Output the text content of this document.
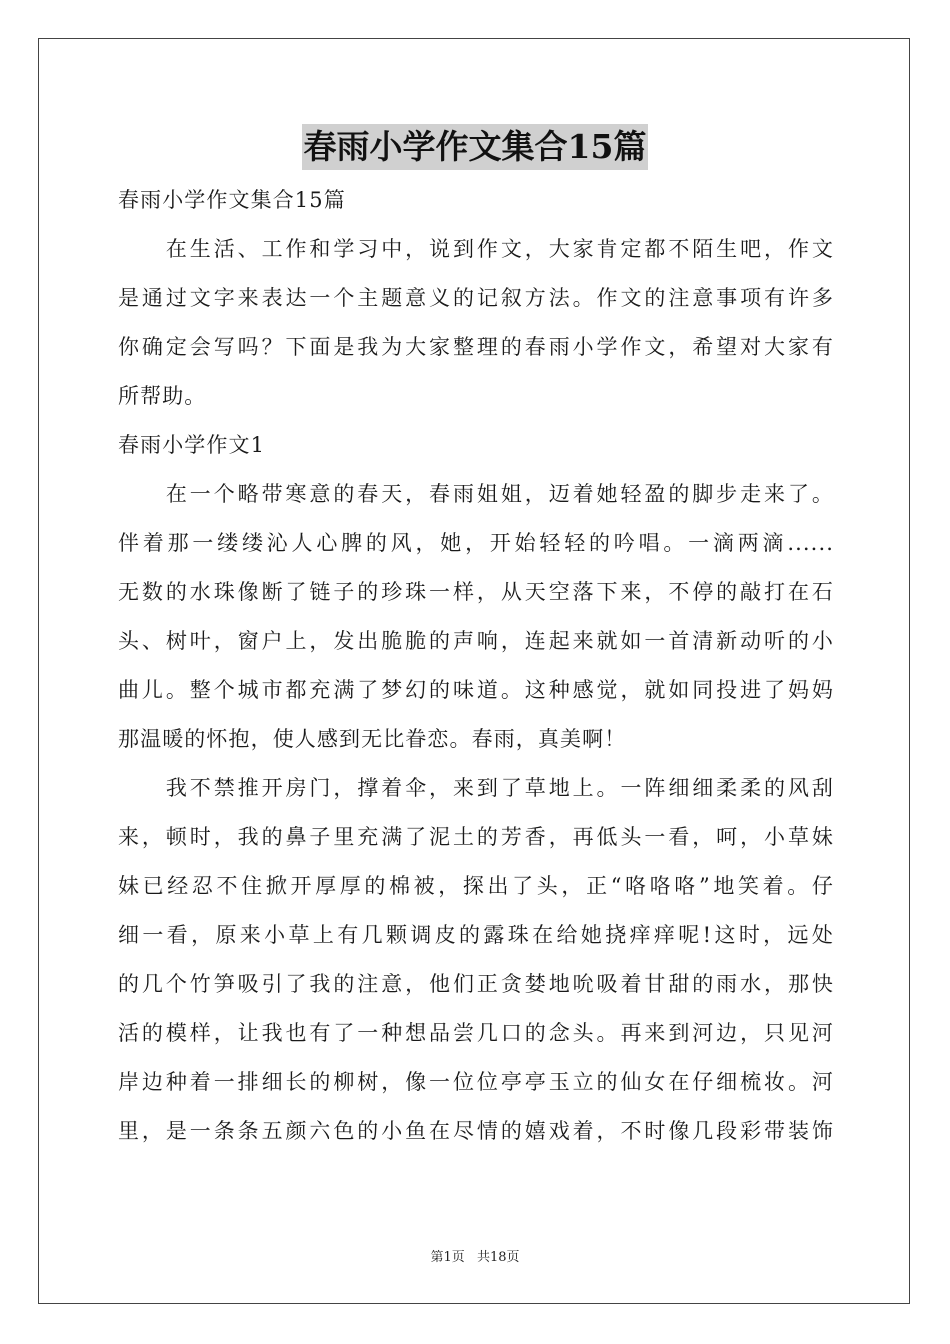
春雨小学作文集合15篇

春雨小学作文集合15篇

　　在生活、工作和学习中，说到作文，大家肯定都不陌生吧，作文

是通过文字来表达一个主题意义的记叙方法。作文的注意事项有许多

你确定会写吗？下面是我为大家整理的春雨小学作文，希望对大家有

所帮助。

春雨小学作文1

　　在一个略带寒意的春天，春雨姐姐，迈着她轻盈的脚步走来了。

伴着那一缕缕沁人心脾的风，她，开始轻轻的吟唱。一滴两滴......

无数的水珠像断了链子的珍珠一样，从天空落下来，不停的敲打在石

头、树叶，窗户上，发出脆脆的声响，连起来就如一首清新动听的小

曲儿。整个城市都充满了梦幻的味道。这种感觉，就如同投进了妈妈

那温暖的怀抱，使人感到无比眷恋。春雨，真美啊！

　　我不禁推开房门，撑着伞，来到了草地上。一阵细细柔柔的风刮

来，顿时，我的鼻子里充满了泥土的芳香，再低头一看，呵，小草妹

妹已经忍不住掀开厚厚的棉被，探出了头，正“咯咯咯”地笑着。仔

细一看，原来小草上有几颗调皮的露珠在给她挠痒痒呢!这时，远处

的几个竹笋吸引了我的注意，他们正贪婪地吮吸着甘甜的雨水，那快

活的模样，让我也有了一种想品尝几口的念头。再来到河边，只见河

岸边种着一排细长的柳树，像一位位亭亭玉立的仙女在仔细梳妆。河

里，是一条条五颜六色的小鱼在尽情的嬉戏着，不时像几段彩带装饰

第1页 共18页
